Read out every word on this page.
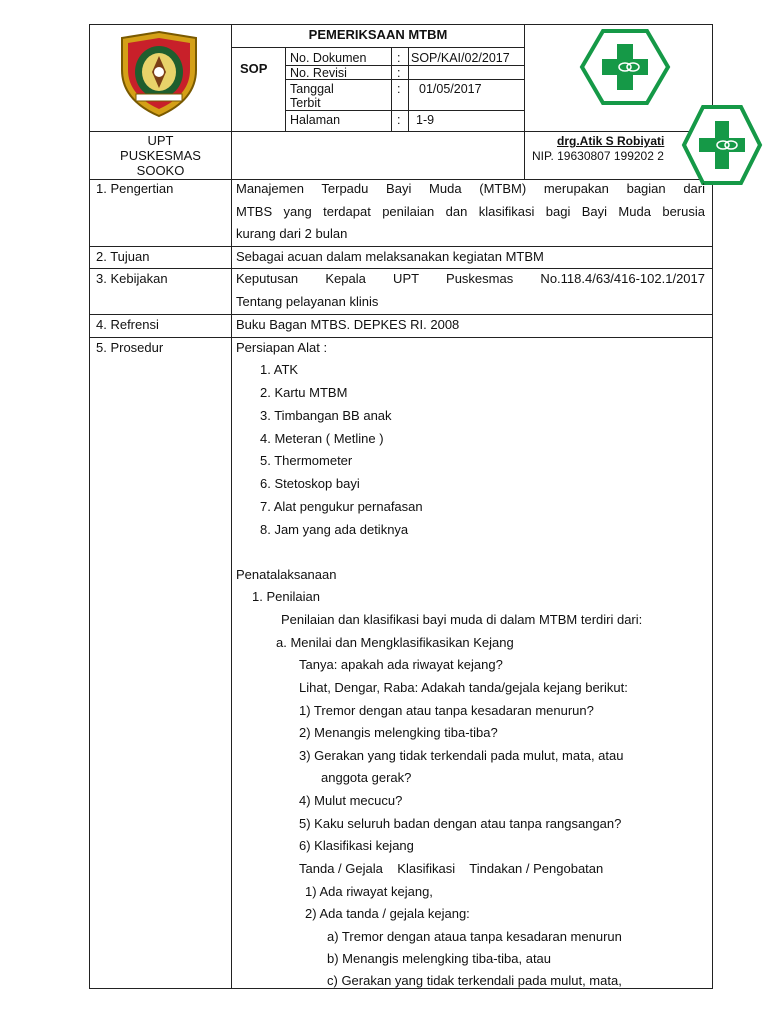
PEMERIKSAAN MTBM
SOP
No. Dokumen : SOP/KAI/02/2017
No. Revisi	:
Tanggal
Terbit
: 01/05/2017
Halaman	: 1-9
UPT
PUSKESMAS
SOOKO
drg.Atik S Robiyati
NIP. 19630807 199202 2
1. Pengertian
2. Tujuan
3. Kebijakan
4. Refrensi
5. Prosedur
Manajemen Terpadu Bayi Muda (MTBM) merupakan bagian dari
MTBS yang terdapat penilaian dan klasifikasi bagi Bayi Muda berusia
kurang dari 2 bulan
Sebagai acuan dalam melaksanakan kegiatan MTBM
Keputusan Kepala UPT Puskesmas No.118.4/63/416-102.1/2017
Tentang pelayanan klinis
Buku Bagan MTBS. DEPKES RI. 2008
Persiapan Alat :
1. ATK
2. Kartu MTBM
3. Timbangan BB anak
4. Meteran ( Metline )
5. Thermometer
6. Stetoskop bayi
7. Alat pengukur pernafasan
8. Jam yang ada detiknya
Penatalaksanaan
1. Penilaian
Penilaian dan klasifikasi bayi muda di dalam MTBM terdiri dari:
a. Menilai dan Mengklasifikasikan Kejang
Tanya: apakah ada riwayat kejang?
Lihat, Dengar, Raba: Adakah tanda/gejala kejang berikut:
1) Tremor dengan atau tanpa kesadaran menurun?
2) Menangis melengking tiba-tiba?
3) Gerakan yang tidak terkendali pada mulut, mata, atau
anggota gerak?
4) Mulut mecucu?
5) Kaku seluruh badan dengan atau tanpa rangsangan?
6) Klasifikasi kejang
Tanda / Gejala    Klasifikasi    Tindakan / Pengobatan
1) Ada riwayat kejang,
2) Ada tanda / gejala kejang:
a) Tremor dengan ataua tanpa kesadaran menurun
b) Menangis melengking tiba-tiba, atau
c) Gerakan yang tidak terkendali pada mulut, mata,
